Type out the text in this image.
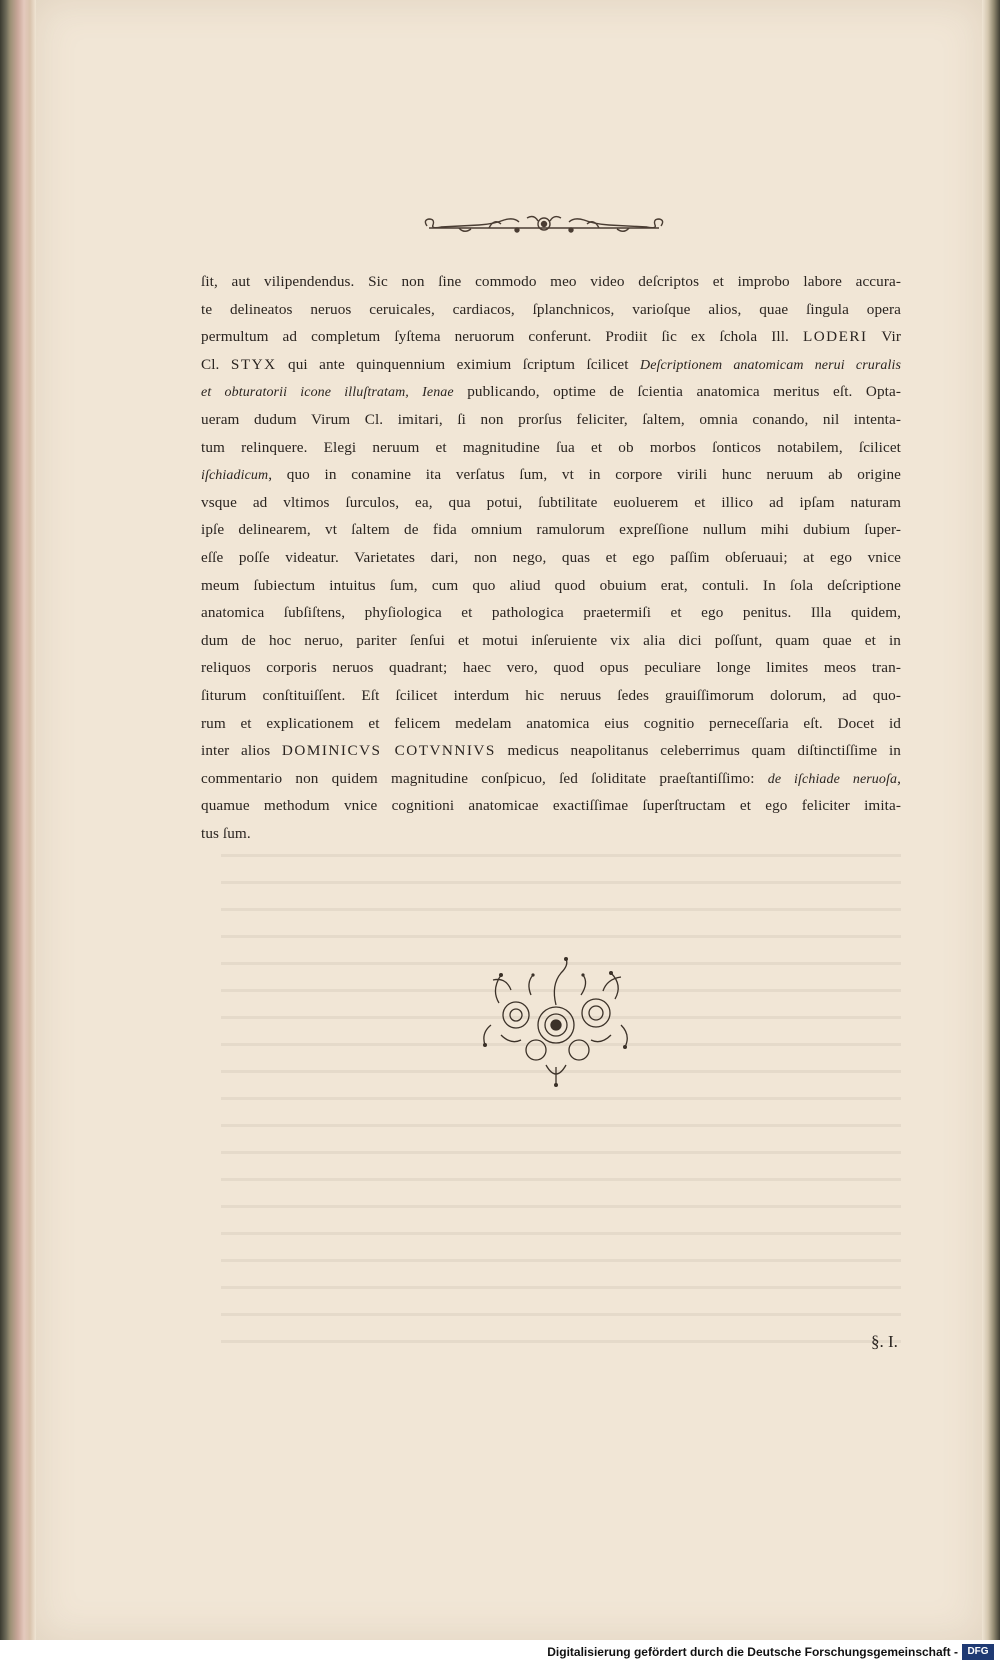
ſit, aut vilipendendus. Sic non ſine commodo meo video deſcriptos et improbo labore accura-
te delineatos neruos ceruicales, cardiacos, ſplanchnicos, varioſque alios, quae ſingula opera
permultum ad completum ſyſtema neruorum conferunt. Prodiit ſic ex ſchola Ill. LODERI Vir
Cl. STYX qui ante quinquennium eximium ſcriptum ſcilicet Deſcriptionem anatomicam nerui cruralis
et obturatorii icone illuſtratam, Ienae publicando, optime de ſcientia anatomica meritus eſt. Opta-
ueram dudum Virum Cl. imitari, ſi non prorſus feliciter, ſaltem, omnia conando, nil intenta-
tum relinquere. Elegi neruum et magnitudine ſua et ob morbos ſonticos notabilem, ſcilicet
iſchiadicum, quo in conamine ita verſatus ſum, vt in corpore virili hunc neruum ab origine
vsque ad vltimos ſurculos, ea, qua potui, ſubtilitate euoluerem et illico ad ipſam naturam
ipſe delinearem, vt ſaltem de fida omnium ramulorum expreſſione nullum mihi dubium ſuper-
eſſe poſſe videatur. Varietates dari, non nego, quas et ego paſſim obſeruaui; at ego vnice
meum ſubiectum intuitus ſum, cum quo aliud quod obuium erat, contuli. In ſola deſcriptione
anatomica ſubſiſtens, phyſiologica et pathologica praetermiſi et ego penitus. Illa quidem,
dum de hoc neruo, pariter ſenſui et motui inſeruiente vix alia dici poſſunt, quam quae et in
reliquos corporis neruos quadrant; haec vero, quod opus peculiare longe limites meos tran-
ſiturum conſtituiſſent. Eſt ſcilicet interdum hic neruus ſedes grauiſſimorum dolorum, ad quo-
rum et explicationem et felicem medelam anatomica eius cognitio perneceſſaria eſt. Docet id
inter alios DOMINICVS COTVNNIVS medicus neapolitanus celeberrimus quam diſtinctiſſime in
commentario non quidem magnitudine conſpicuo, ſed ſoliditate praeſtantiſſimo: de iſchiade neruoſa,
quamue methodum vnice cognitioni anatomicae exactiſſimae ſuperſtructam et ego feliciter imita-
tus ſum.
§. I.
Digitalisierung gefördert durch die Deutsche Forschungsgemeinschaft - DFG
